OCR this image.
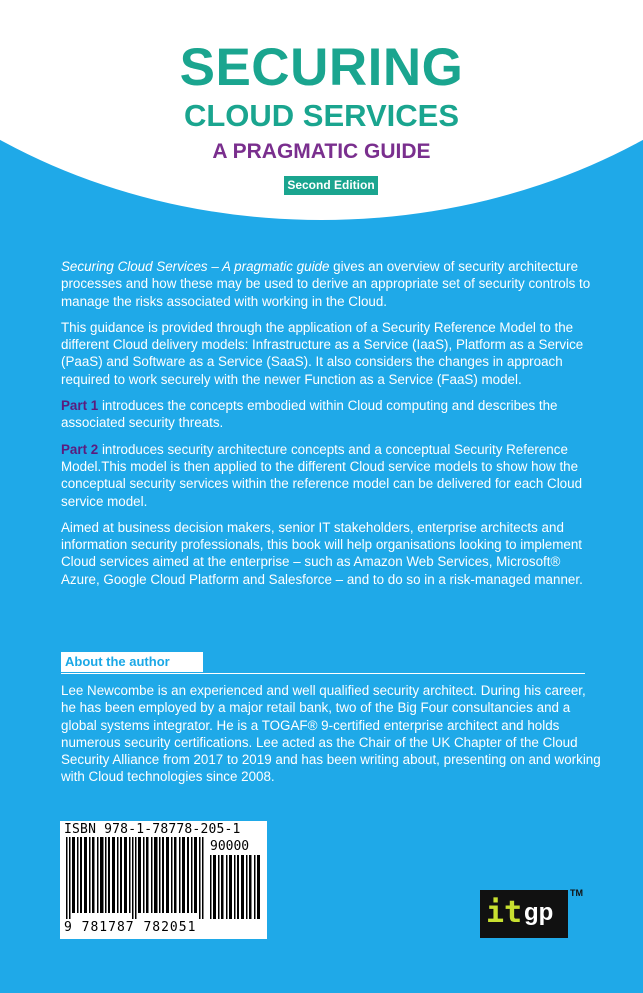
SECURING
CLOUD SERVICES
A PRAGMATIC GUIDE
Second Edition

Securing Cloud Services – A pragmatic guide gives an overview of security architecture processes and how these may be used to derive an appropriate set of security controls to manage the risks associated with working in the Cloud.

This guidance is provided through the application of a Security Reference Model to the different Cloud delivery models: Infrastructure as a Service (IaaS), Platform as a Service (PaaS) and Software as a Service (SaaS). It also considers the changes in approach required to work securely with the newer Function as a Service (FaaS) model.

Part 1 introduces the concepts embodied within Cloud computing and describes the associated security threats.

Part 2 introduces security architecture concepts and a conceptual Security Reference Model.This model is then applied to the different Cloud service models to show how the conceptual security services within the reference model can be delivered for each Cloud service model.

Aimed at business decision makers, senior IT stakeholders, enterprise architects and information security professionals, this book will help organisations looking to implement Cloud services aimed at the enterprise – such as Amazon Web Services, Microsoft® Azure, Google Cloud Platform and Salesforce – and to do so in a risk-managed manner.

About the author
Lee Newcombe is an experienced and well qualified security architect. During his career, he has been employed by a major retail bank, two of the Big Four consultancies and a global systems integrator. He is a TOGAF® 9-certified enterprise architect and holds numerous security certifications. Lee acted as the Chair of the UK Chapter of the Cloud Security Alliance from 2017 to 2019 and has been writing about, presenting on and working with Cloud technologies since 2008.
ISBN 978-1-78778-205-1
90000
9 781787 782051	it gp
TM
